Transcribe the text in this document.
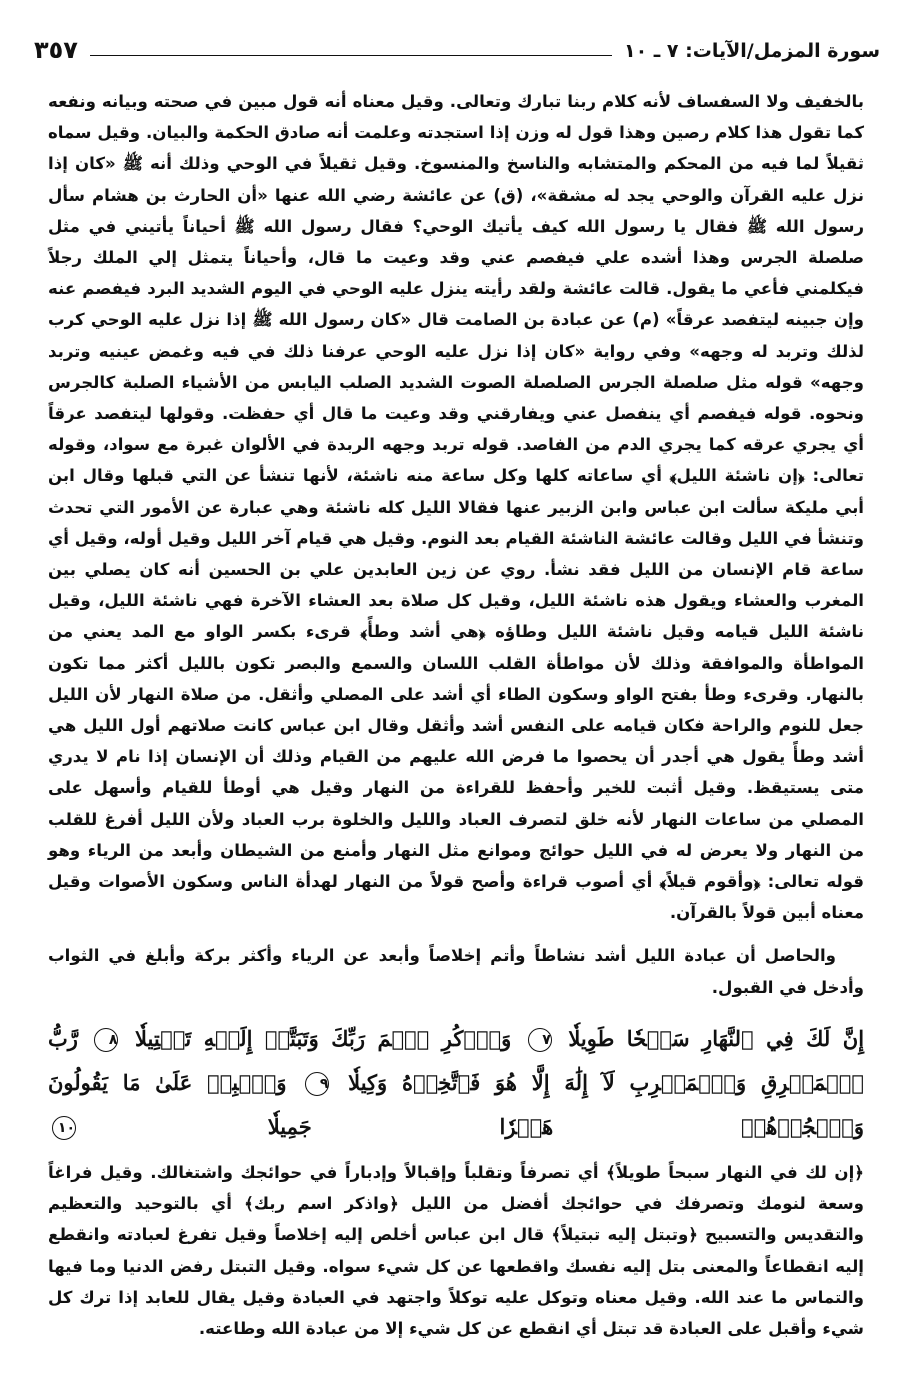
سورة المزمل/الآيات: ٧ ـ ١٠
٣٥٧

بالخفيف ولا السفساف لأنه كلام ربنا تبارك وتعالى. وقيل معناه أنه قول مبين في صحته وبيانه ونفعه كما تقول هذا كلام رصين وهذا قول له وزن إذا استجدته وعلمت أنه صادق الحكمة والبيان. وقيل سماه ثقيلاً لما فيه من المحكم والمتشابه والناسخ والمنسوخ. وقيل ثقيلاً في الوحي وذلك أنه ﷺ «كان إذا نزل عليه القرآن والوحي يجد له مشقة»، (ق) عن عائشة رضي الله عنها «أن الحارث بن هشام سأل رسول الله ﷺ فقال يا رسول الله كيف يأتيك الوحي؟ فقال رسول الله ﷺ أحياناً يأتيني في مثل صلصلة الجرس وهذا أشده علي فيفصم عني وقد وعيت ما قال، وأحياناً يتمثل إلي الملك رجلاً فيكلمني فأعي ما يقول. قالت عائشة ولقد رأيته ينزل عليه الوحي في اليوم الشديد البرد فيفصم عنه وإن جبينه ليتفصد عرقاً» (م) عن عبادة بن الصامت قال «كان رسول الله ﷺ إذا نزل عليه الوحي كرب لذلك وتربد له وجهه» وفي رواية «كان إذا نزل عليه الوحي عرفنا ذلك في فيه وغمض عينيه وتربد وجهه» قوله مثل صلصلة الجرس الصلصلة الصوت الشديد الصلب اليابس من الأشياء الصلبة كالجرس ونحوه. قوله فيفصم أي ينفصل عني ويفارقني وقد وعيت ما قال أي حفظت. وقولها ليتفصد عرقاً أي يجري عرقه كما يجري الدم من الفاصد. قوله تربد وجهه الربدة في الألوان غبرة مع سواد، وقوله تعالى: ﴿إن ناشئة الليل﴾ أي ساعاته كلها وكل ساعة منه ناشئة، لأنها تنشأ عن التي قبلها وقال ابن أبي مليكة سألت ابن عباس وابن الزبير عنها فقالا الليل كله ناشئة وهي عبارة عن الأمور التي تحدث وتنشأ في الليل وقالت عائشة الناشئة القيام بعد النوم. وقيل هي قيام آخر الليل وقيل أوله، وقيل أي ساعة قام الإنسان من الليل فقد نشأ. روي عن زين العابدين علي بن الحسين أنه كان يصلي بين المغرب والعشاء ويقول هذه ناشئة الليل، وقيل كل صلاة بعد العشاء الآخرة فهي ناشئة الليل، وقيل ناشئة الليل قيامه وقيل ناشئة الليل وطاؤه ﴿هي أشد وطأً﴾ قرىء بكسر الواو مع المد يعني من المواطأة والموافقة وذلك لأن مواطأة القلب اللسان والسمع والبصر تكون بالليل أكثر مما تكون بالنهار. وقرىء وطأ بفتح الواو وسكون الطاء أي أشد على المصلي وأثقل. من صلاة النهار لأن الليل جعل للنوم والراحة فكان قيامه على النفس أشد وأثقل وقال ابن عباس كانت صلاتهم أول الليل هي أشد وطأً يقول هي أجدر أن يحصوا ما فرض الله عليهم من القيام وذلك أن الإنسان إذا نام لا يدري متى يستيقظ. وقيل أثبت للخير وأحفظ للقراءة من النهار وقيل هي أوطأ للقيام وأسهل على المصلي من ساعات النهار لأنه خلق لتصرف العباد والليل والخلوة برب العباد ولأن الليل أفرغ للقلب من النهار ولا يعرض له في الليل حوائج وموانع مثل النهار وأمنع من الشيطان وأبعد من الرياء وهو قوله تعالى: ﴿وأقوم قيلاً﴾ أي أصوب قراءة وأصح قولاً من النهار لهدأة الناس وسكون الأصوات وقيل معناه أبين قولاً بالقرآن.

والحاصل أن عبادة الليل أشد نشاطاً وأتم إخلاصاً وأبعد عن الرياء وأكثر بركة وأبلغ في الثواب وأدخل في القبول.

إِنَّ لَكَ فِي ٱلنَّهَارِ سَبۡحٗا طَوِيلٗا ٧ وَٱذۡكُرِ ٱسۡمَ رَبِّكَ وَتَبَتَّلۡ إِلَيۡهِ تَبۡتِيلٗا ٨ رَّبُّ ٱلۡمَشۡرِقِ وَٱلۡمَغۡرِبِ لَآ إِلَٰهَ إِلَّا هُوَ فَٱتَّخِذۡهُ وَكِيلٗا ٩ وَٱصۡبِرۡ عَلَىٰ مَا يَقُولُونَ وَٱهۡجُرۡهُمۡ هَجۡرٗا جَمِيلٗا ١٠

﴿إن لك في النهار سبحاً طويلاً﴾ أي تصرفاً وتقلباً وإقبالاً وإدباراً في حوائجك واشتغالك. وقيل فراغاً وسعة لنومك وتصرفك في حوائجك أفضل من الليل ﴿واذكر اسم ربك﴾ أي بالتوحيد والتعظيم والتقديس والتسبيح ﴿وتبتل إليه تبتيلاً﴾ قال ابن عباس أخلص إليه إخلاصاً وقيل تفرغ لعبادته وانقطع إليه انقطاعاً والمعنى بتل إليه نفسك واقطعها عن كل شيء سواه. وقيل التبتل رفض الدنيا وما فيها والتماس ما عند الله. وقيل معناه وتوكل عليه توكلاً واجتهد في العبادة وقيل يقال للعابد إذا ترك كل شيء وأقبل على العبادة قد تبتل أي انقطع عن كل شيء إلا من عبادة الله وطاعته.
